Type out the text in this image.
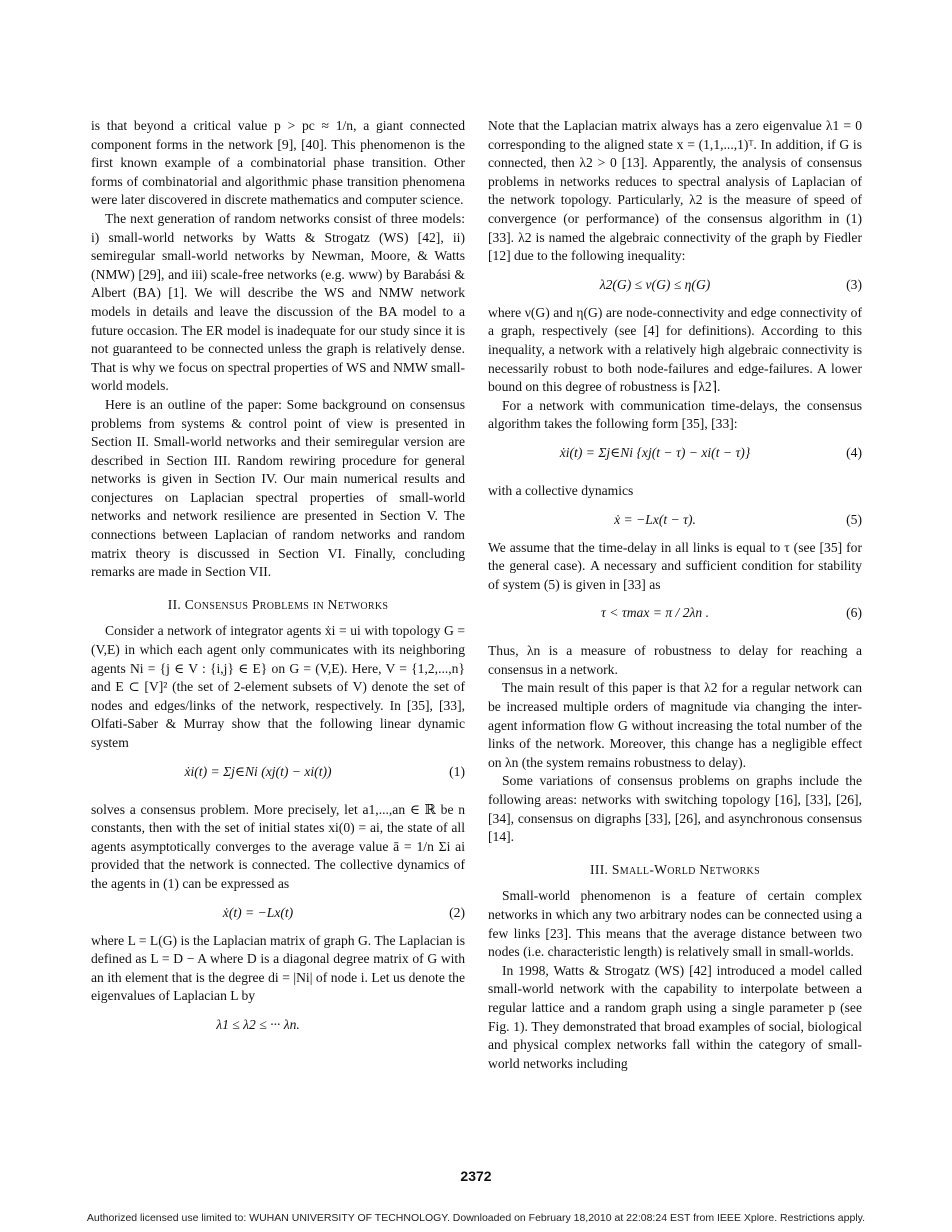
is that beyond a critical value p > pc ≈ 1/n, a giant connected component forms in the network [9], [40]. This phenomenon is the first known example of a combinatorial phase transition. Other forms of combinatorial and algorithmic phase transition phenomena were later discovered in discrete mathematics and computer science.

The next generation of random networks consist of three models: i) small-world networks by Watts & Strogatz (WS) [42], ii) semiregular small-world networks by Newman, Moore, & Watts (NMW) [29], and iii) scale-free networks (e.g. www) by Barabási & Albert (BA) [1]. We will describe the WS and NMW network models in details and leave the discussion of the BA model to a future occasion. The ER model is inadequate for our study since it is not guaranteed to be connected unless the graph is relatively dense. That is why we focus on spectral properties of WS and NMW small-world models.

Here is an outline of the paper: Some background on consensus problems from systems & control point of view is presented in Section II. Small-world networks and their semiregular version are described in Section III. Random rewiring procedure for general networks is given in Section IV. Our main numerical results and conjectures on Laplacian spectral properties of small-world networks and network resilience are presented in Section V. The connections between Laplacian of random networks and random matrix theory is discussed in Section VI. Finally, concluding remarks are made in Section VII.

II. Consensus Problems in Networks

Consider a network of integrator agents ẋi = ui with topology G = (V,E) in which each agent only communicates with its neighboring agents Ni = {j ∈ V : {i,j} ∈ E} on G = (V,E). Here, V = {1,2,...,n} and E ⊂ [V]² (the set of 2-element subsets of V) denote the set of nodes and edges/links of the network, respectively. In [35], [33], Olfati-Saber & Murray show that the following linear dynamic system

ẋi(t) = Σj∈Ni (xj(t) − xi(t))	(1)

solves a consensus problem. More precisely, let a1,...,an ∈ ℝ be n constants, then with the set of initial states xi(0) = ai, the state of all agents asymptotically converges to the average value ā = 1/n Σi ai provided that the network is connected. The collective dynamics of the agents in (1) can be expressed as

ẋ(t) = −Lx(t)	(2)

where L = L(G) is the Laplacian matrix of graph G. The Laplacian is defined as L = D − A where D is a diagonal degree matrix of G with an ith element that is the degree di = |Ni| of node i. Let us denote the eigenvalues of Laplacian L by

λ1 ≤ λ2 ≤ ··· λn.

Note that the Laplacian matrix always has a zero eigenvalue λ1 = 0 corresponding to the aligned state x = (1,1,...,1)ᵀ. In addition, if G is connected, then λ2 > 0 [13]. Apparently, the analysis of consensus problems in networks reduces to spectral analysis of Laplacian of the network topology. Particularly, λ2 is the measure of speed of convergence (or performance) of the consensus algorithm in (1) [33]. λ2 is named the algebraic connectivity of the graph by Fiedler [12] due to the following inequality:

λ2(G) ≤ ν(G) ≤ η(G)	(3)

where ν(G) and η(G) are node-connectivity and edge connectivity of a graph, respectively (see [4] for definitions). According to this inequality, a network with a relatively high algebraic connectivity is necessarily robust to both node-failures and edge-failures. A lower bound on this degree of robustness is ⌈λ2⌉.

For a network with communication time-delays, the consensus algorithm takes the following form [35], [33]:

ẋi(t) = Σj∈Ni {xj(t − τ) − xi(t − τ)}	(4)

with a collective dynamics

ẋ = −Lx(t − τ).	(5)

We assume that the time-delay in all links is equal to τ (see [35] for the general case). A necessary and sufficient condition for stability of system (5) is given in [33] as

τ < τmax = π / 2λn .	(6)

Thus, λn is a measure of robustness to delay for reaching a consensus in a network.

The main result of this paper is that λ2 for a regular network can be increased multiple orders of magnitude via changing the inter-agent information flow G without increasing the total number of the links of the network. Moreover, this change has a negligible effect on λn (the system remains robustness to delay).

Some variations of consensus problems on graphs include the following areas: networks with switching topology [16], [33], [26], [34], consensus on digraphs [33], [26], and asynchronous consensus [14].

III. Small-World Networks

Small-world phenomenon is a feature of certain complex networks in which any two arbitrary nodes can be connected using a few links [23]. This means that the average distance between two nodes (i.e. characteristic length) is relatively small in small-worlds.

In 1998, Watts & Strogatz (WS) [42] introduced a model called small-world network with the capability to interpolate between a regular lattice and a random graph using a single parameter p (see Fig. 1). They demonstrated that broad examples of social, biological and physical complex networks fall within the category of small-world networks including

2372
Authorized licensed use limited to: WUHAN UNIVERSITY OF TECHNOLOGY. Downloaded on February 18,2010 at 22:08:24 EST from IEEE Xplore. Restrictions apply.
